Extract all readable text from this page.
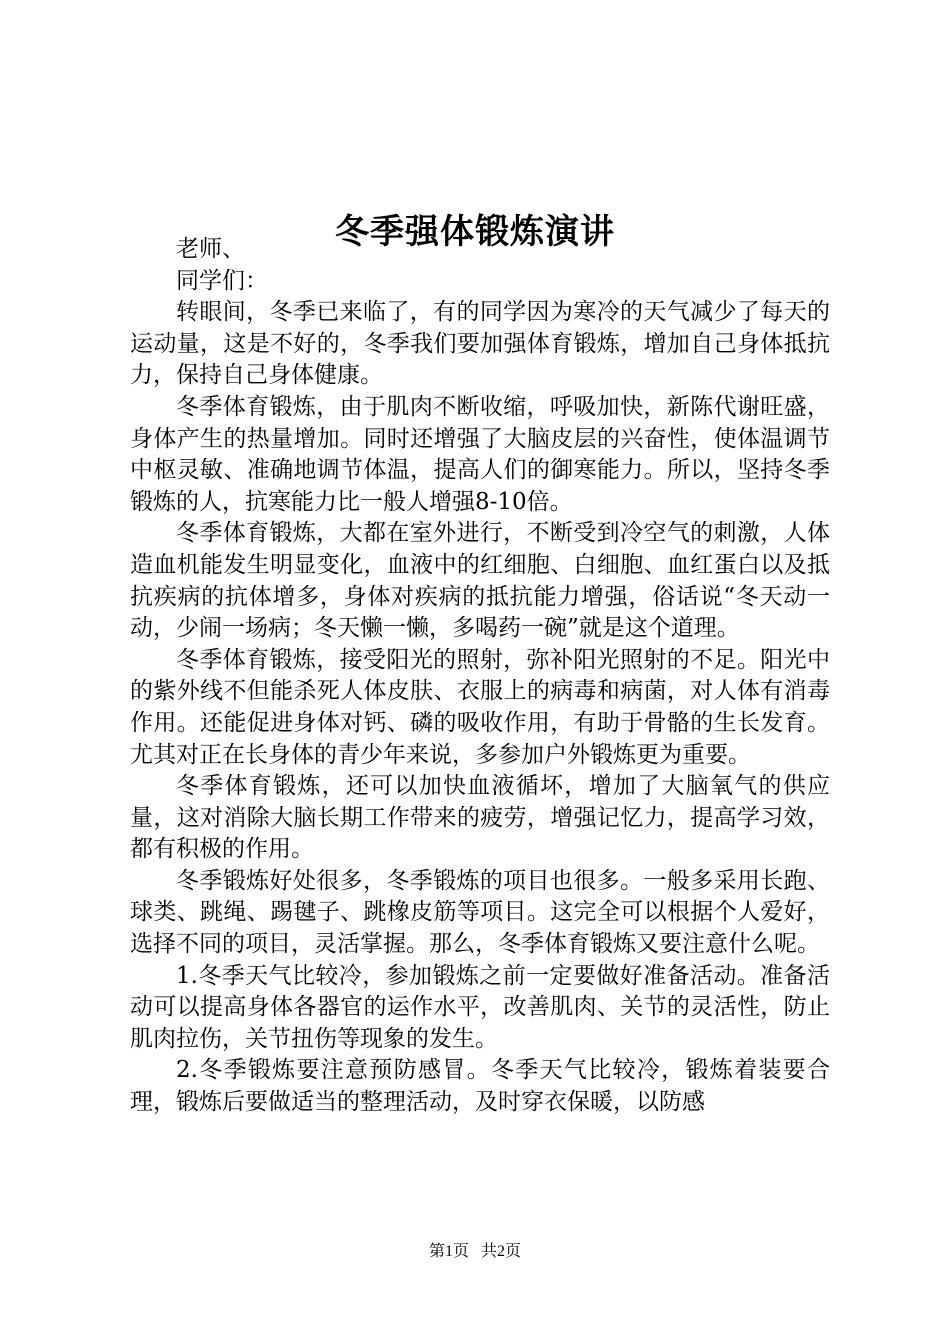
冬季强体锻炼演讲

老师、

同学们：

转眼间，冬季已来临了，有的同学因为寒冷的天气减少了每天的运动量，这是不好的，冬季我们要加强体育锻炼，增加自己身体抵抗力，保持自己身体健康。

冬季体育锻炼，由于肌肉不断收缩，呼吸加快，新陈代谢旺盛，身体产生的热量增加。同时还增强了大脑皮层的兴奋性，使体温调节中枢灵敏、准确地调节体温，提高人们的御寒能力。所以，坚持冬季锻炼的人，抗寒能力比一般人增强8-10倍。

冬季体育锻炼，大都在室外进行，不断受到冷空气的刺激，人体造血机能发生明显变化，血液中的红细胞、白细胞、血红蛋白以及抵抗疾病的抗体增多，身体对疾病的抵抗能力增强，俗话说“冬天动一动，少闹一场病；冬天懒一懒，多喝药一碗”就是这个道理。

冬季体育锻炼，接受阳光的照射，弥补阳光照射的不足。阳光中的紫外线不但能杀死人体皮肤、衣服上的病毒和病菌，对人体有消毒作用。还能促进身体对钙、磷的吸收作用，有助于骨骼的生长发育。尤其对正在长身体的青少年来说，多参加户外锻炼更为重要。

冬季体育锻炼，还可以加快血液循坏，增加了大脑氧气的供应量，这对消除大脑长期工作带来的疲劳，增强记忆力，提高学习效，都有积极的作用。

冬季锻炼好处很多，冬季锻炼的项目也很多。一般多采用长跑、球类、跳绳、踢毽子、跳橡皮筋等项目。这完全可以根据个人爱好，选择不同的项目，灵活掌握。那么，冬季体育锻炼又要注意什么呢。

1.冬季天气比较冷，参加锻炼之前一定要做好准备活动。准备活动可以提高身体各器官的运作水平，改善肌肉、关节的灵活性，防止肌肉拉伤，关节扭伤等现象的发生。

2.冬季锻炼要注意预防感冒。冬季天气比较冷，锻炼着装要合理，锻炼后要做适当的整理活动，及时穿衣保暖，以防感

第1页 共2页
